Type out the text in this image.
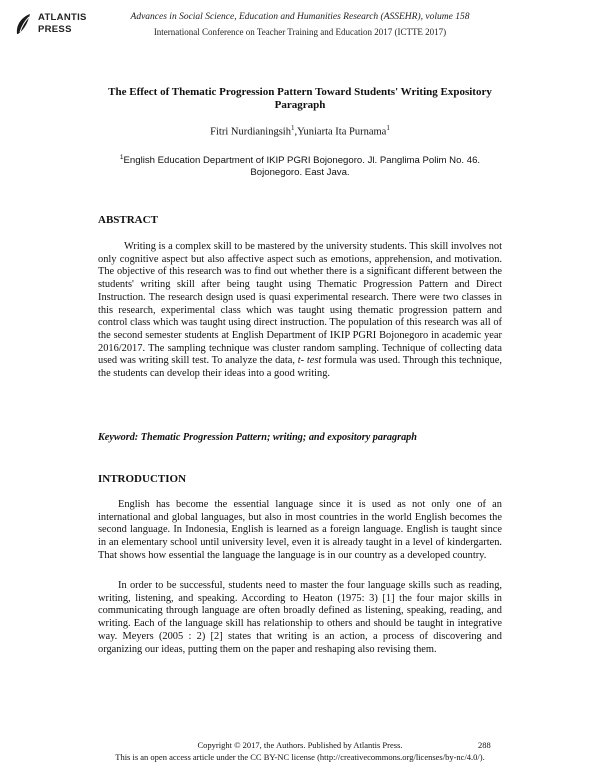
ATLANTIS
PRESS
Advances in Social Science, Education and Humanities Research (ASSEHR), volume 158
International Conference on Teacher Training and Education 2017 (ICTTE 2017)
The Effect of Thematic Progression Pattern Toward Students' Writing Expository Paragraph
Fitri Nurdianingsih$^1$,Yuniarta Ita Purnama$^1$
$^1$English Education Department of IKIP PGRI Bojonegoro. Jl. Panglima Polim No. 46. Bojonegoro. East Java.
ABSTRACT
Writing is a complex skill to be mastered by the university students. This skill involves not only cognitive aspect but also affective aspect such as emotions, apprehension, and motivation. The objective of this research was to find out whether there is a significant different between the students' writing skill after being taught using Thematic Progression Pattern and Direct Instruction. The research design used is quasi experimental research. There were two classes in this research, experimental class which was taught using thematic progression pattern and control class which was taught using direct instruction. The population of this research was all of the second semester students at English Department of IKIP PGRI Bojonegoro in academic year 2016/2017. The sampling technique was cluster random sampling. Technique of collecting data used was writing skill test. To analyze the data, t- test formula was used. Through this technique, the students can develop their ideas into a good writing.
Keyword: Thematic Progression Pattern; writing; and expository paragraph
INTRODUCTION
English has become the essential language since it is used as not only one of an international and global languages, but also in most countries in the world English becomes the second language. In Indonesia, English is learned as a foreign language. English is taught since in an elementary school until university level, even it is already taught in a level of kindergarten. That shows how essential the language the language is in our country as a developed country.
In order to be successful, students need to master the four language skills such as reading, writing, listening, and speaking. According to Heaton (1975: 3) [1] the four major skills in communicating through language are often broadly defined as listening, speaking, reading, and writing. Each of the language skill has relationship to others and should be taught in integrative way. Meyers (2005 : 2) [2] states that writing is an action, a process of discovering and organizing our ideas, putting them on the paper and reshaping also revising them.
Copyright © 2017, the Authors. Published by Atlantis Press.
This is an open access article under the CC BY-NC license (http://creativecommons.org/licenses/by-nc/4.0/).
288
